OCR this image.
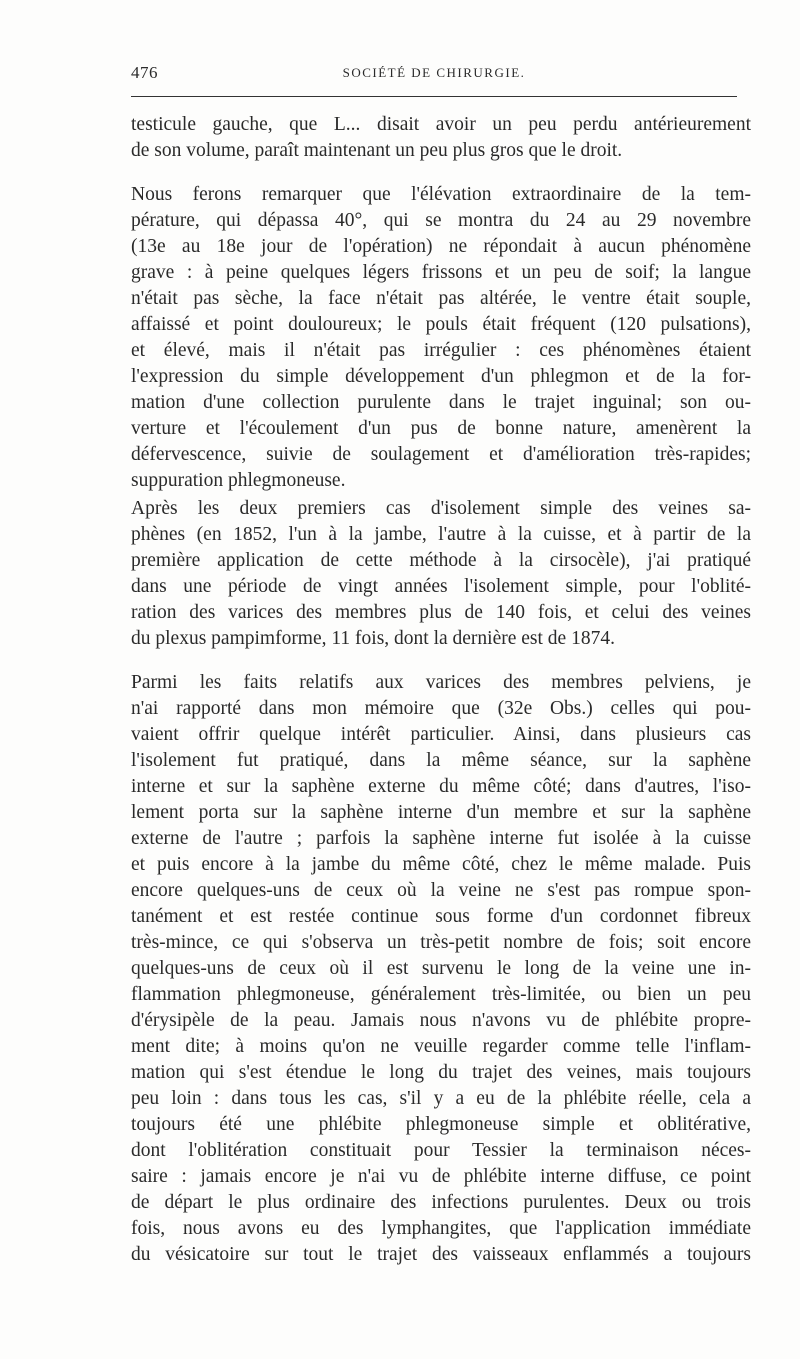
476	SOCIÉTÉ DE CHIRURGIE.
testicule gauche, que L... disait avoir un peu perdu antérieurement
de son volume, paraît maintenant un peu plus gros que le droit.
Nous ferons remarquer que l'élévation extraordinaire de la tem-
pérature, qui dépassa 40°, qui se montra du 24 au 29 novembre
(13e au 18e jour de l'opération) ne répondait à aucun phénomène
grave : à peine quelques légers frissons et un peu de soif; la langue
n'était pas sèche, la face n'était pas altérée, le ventre était souple,
affaissé et point douloureux; le pouls était fréquent (120 pulsations),
et élevé, mais il n'était pas irrégulier : ces phénomènes étaient
l'expression du simple développement d'un phlegmon et de la for-
mation d'une collection purulente dans le trajet inguinal; son ou-
verture et l'écoulement d'un pus de bonne nature, amenèrent la
défervescence, suivie de soulagement et d'amélioration très-rapides;
suppuration phlegmoneuse.
Après les deux premiers cas d'isolement simple des veines sa-
phènes (en 1852, l'un à la jambe, l'autre à la cuisse, et à partir de la
première application de cette méthode à la cirsocèle), j'ai pratiqué
dans une période de vingt années l'isolement simple, pour l'oblité-
ration des varices des membres plus de 140 fois, et celui des veines
du plexus pampimforme, 11 fois, dont la dernière est de 1874.
Parmi les faits relatifs aux varices des membres pelviens, je
n'ai rapporté dans mon mémoire que (32e Obs.) celles qui pou-
vaient offrir quelque intérêt particulier. Ainsi, dans plusieurs cas
l'isolement fut pratiqué, dans la même séance, sur la saphène
interne et sur la saphène externe du même côté; dans d'autres, l'iso-
lement porta sur la saphène interne d'un membre et sur la saphène
externe de l'autre ; parfois la saphène interne fut isolée à la cuisse
et puis encore à la jambe du même côté, chez le même malade. Puis
encore quelques-uns de ceux où la veine ne s'est pas rompue spon-
tanément et est restée continue sous forme d'un cordonnet fibreux
très-mince, ce qui s'observa un très-petit nombre de fois; soit encore
quelques-uns de ceux où il est survenu le long de la veine une in-
flammation phlegmoneuse, généralement très-limitée, ou bien un peu
d'érysipèle de la peau. Jamais nous n'avons vu de phlébite propre-
ment dite; à moins qu'on ne veuille regarder comme telle l'inflam-
mation qui s'est étendue le long du trajet des veines, mais toujours
peu loin : dans tous les cas, s'il y a eu de la phlébite réelle, cela a
toujours été une phlébite phlegmoneuse simple et oblitérative,
dont l'oblitération constituait pour Tessier la terminaison néces-
saire : jamais encore je n'ai vu de phlébite interne diffuse, ce point
de départ le plus ordinaire des infections purulentes. Deux ou trois
fois, nous avons eu des lymphangites, que l'application immédiate
du vésicatoire sur tout le trajet des vaisseaux enflammés a toujours
